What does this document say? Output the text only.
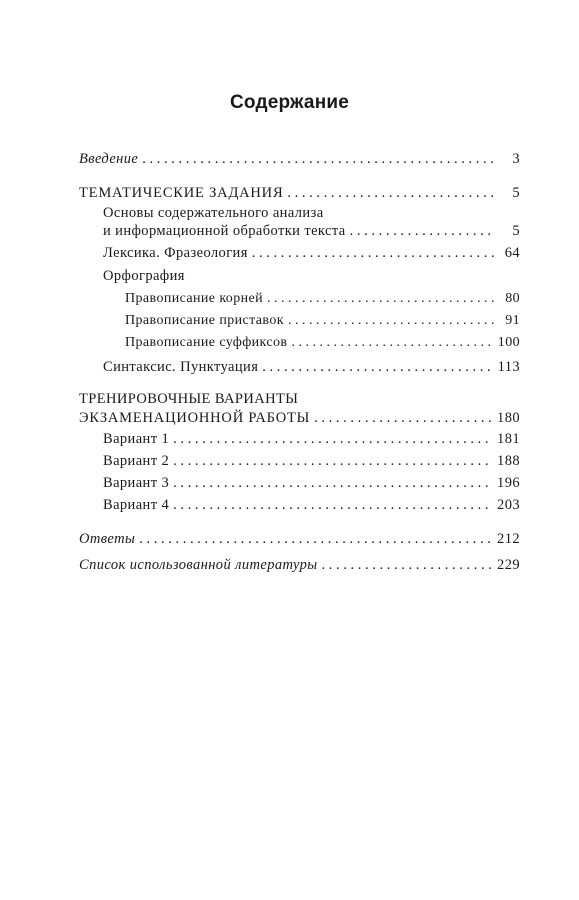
Содержание
Введение . . .	3
ТЕМАТИЧЕСКИЕ ЗАДАНИЯ . . .	5
Основы содержательного анализа
и информационной обработки текста . . .	5
Лексика. Фразеология . . .	64
Орфография
Правописание корней . . .	80
Правописание приставок . . .	91
Правописание суффиксов . . .	100
Синтаксис. Пунктуация . . .	113
ТРЕНИРОВОЧНЫЕ ВАРИАНТЫ
ЭКЗАМЕНАЦИОННОЙ РАБОТЫ . . .	180
Вариант 1 . . .	181
Вариант 2 . . .	188
Вариант 3 . . .	196
Вариант 4 . . .	203
Ответы . . .	212
Список использованной литературы . . .	229
